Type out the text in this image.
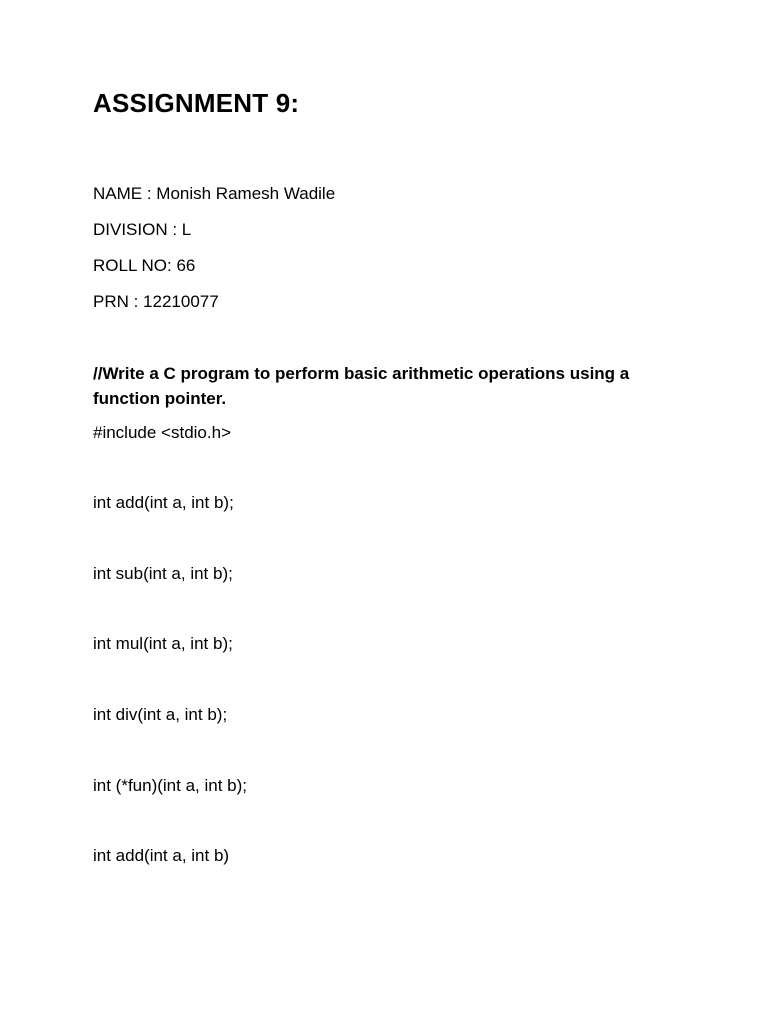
ASSIGNMENT 9:

NAME : Monish Ramesh Wadile

DIVISION : L

ROLL NO: 66

PRN : 12210077

//Write a C program to perform basic arithmetic operations using a function pointer.

#include <stdio.h>

int add(int a, int b);

int sub(int a, int b);

int mul(int a, int b);

int div(int a, int b);

int (*fun)(int a, int b);

int add(int a, int b)
